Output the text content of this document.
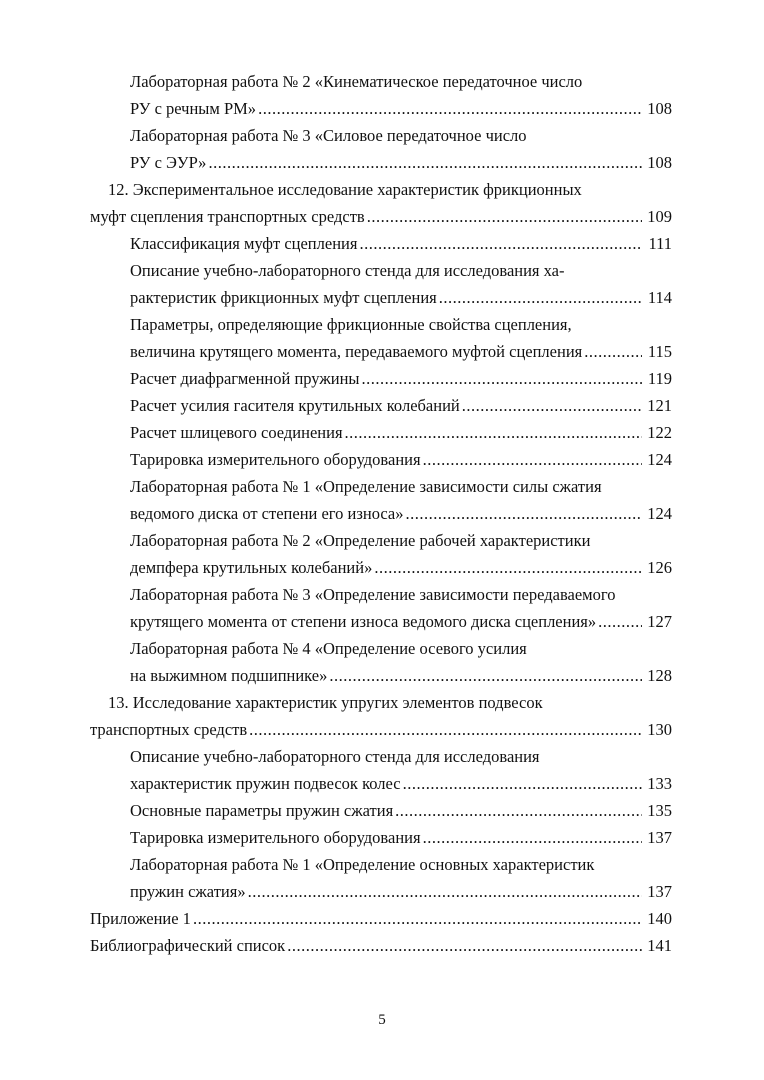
Лабораторная работа № 2 «Кинематическое передаточное число
РУ с речным РМ» .....	108
Лабораторная работа № 3 «Силовое передаточное число
РУ с ЭУР» .....	108
12. Экспериментальное исследование характеристик фрикционных
муфт сцепления транспортных средств .....	109
Классификация муфт сцепления .....	111
Описание учебно-лабораторного стенда для исследования ха-
рактеристик фрикционных муфт сцепления .....	114
Параметры, определяющие фрикционные свойства сцепления,
величина крутящего момента, передаваемого муфтой сцепления .....	115
Расчет диафрагменной пружины .....	119
Расчет усилия гасителя крутильных колебаний .....	121
Расчет шлицевого соединения .....	122
Тарировка измерительного оборудования .....	124
Лабораторная работа № 1 «Определение зависимости силы сжатия
ведомого диска от степени его износа» .....	124
Лабораторная работа № 2 «Определение рабочей характеристики
демпфера крутильных колебаний» .....	126
Лабораторная работа № 3 «Определение зависимости передаваемого
крутящего момента от степени износа ведомого диска сцепления» .....	127
Лабораторная работа № 4 «Определение осевого усилия
на выжимном подшипнике» .....	128
13. Исследование характеристик упругих элементов подвесок
транспортных средств .....	130
Описание учебно-лабораторного стенда для исследования
характеристик пружин подвесок колес .....	133
Основные параметры пружин сжатия .....	135
Тарировка измерительного оборудования .....	137
Лабораторная работа № 1 «Определение основных характеристик
пружин сжатия» .....	137
Приложение 1 .....	140
Библиографический список .....	141
5
